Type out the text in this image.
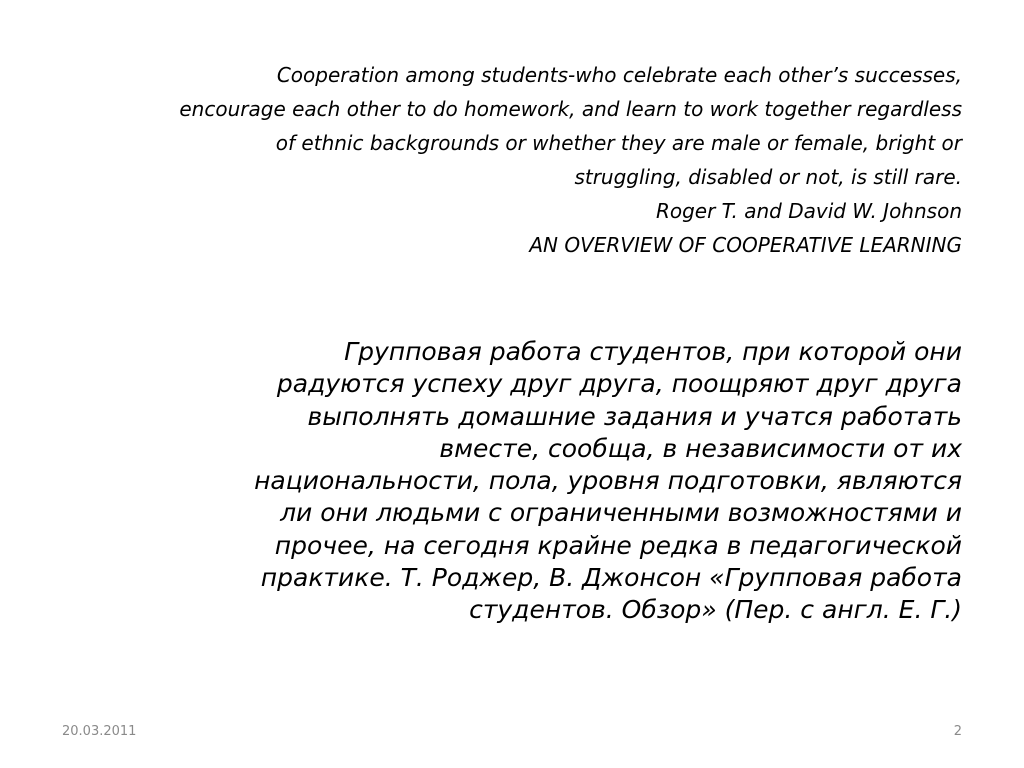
Cooperation among students-who celebrate each other’s successes,
encourage each other to do homework, and learn to work together regardless
of ethnic backgrounds or whether they are male or female, bright or
struggling, disabled or not, is still rare.
Roger T. and David W. Johnson
AN OVERVIEW OF COOPERATIVE LEARNING
Групповая работа студентов, при которой они
радуются успеху друг друга, поощряют друг друга
выполнять домашние задания и учатся работать
вместе, сообща, в независимости от их
национальности, пола, уровня подготовки, являются
ли они людьми с ограниченными возможностями и
прочее, на сегодня крайне редка в педагогической
практике. Т. Роджер, В. Джонсон «Групповая работа
студентов. Обзор» (Пер. с англ. Е. Г.)
20.03.2011	2
